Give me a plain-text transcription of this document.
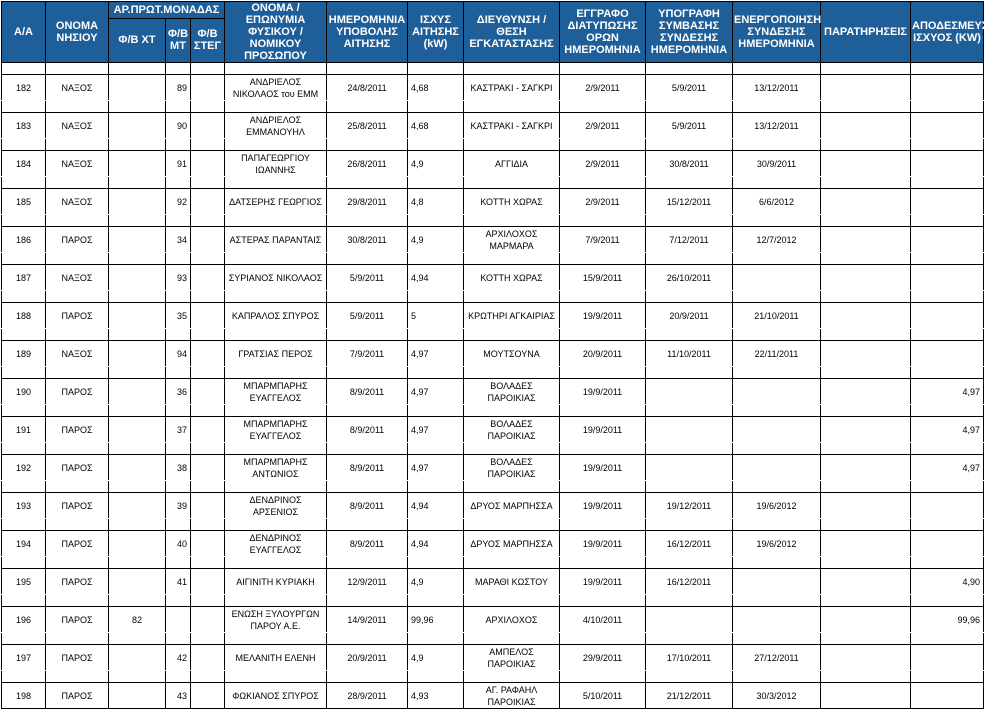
Α/Α	ΟΝΟΜΑ ΝΗΣΙΟΥ	ΑΡ.ΠΡΩΤ.ΜΟΝΑΔΑΣ			ΟΝΟΜΑ / ΕΠΩΝΥΜΙΑ ΦΥΣΙΚΟΥ / ΝΟΜΙΚΟΥ ΠΡΟΣΩΠΟΥ	ΗΜΕΡΟΜΗΝΙΑ ΥΠΟΒΟΛΗΣ ΑΙΤΗΣΗΣ	ΙΣΧΥΣ ΑΙΤΗΣΗΣ (kW)	ΔΙΕΥΘΥΝΣΗ / ΘΕΣΗ ΕΓΚΑΤΑΣΤΑΣΗΣ	ΕΓΓΡΑΦΟ ΔΙΑΤΥΠΩΣΗΣ ΟΡΩΝ ΗΜΕΡΟΜΗΝΙΑ	ΥΠΟΓΡΑΦΗ ΣΥΜΒΑΣΗΣ ΣΥΝΔΕΣΗΣ ΗΜΕΡΟΜΗΝΙΑ	ΕΝΕΡΓΟΠΟΙΗΣΗ ΣΥΝΔΕΣΗΣ ΗΜΕΡΟΜΗΝΙΑ	ΠΑΡΑΤΗΡΗΣΕΙΣ	ΑΠΟΔΕΣΜΕΥΣΗ ΙΣΧΥΟΣ (KW)
		Φ/Β ΧΤ	Φ/Β ΜΤ	Φ/Β ΣΤΕΓ									

182	ΝΑΞΟΣ		89		ΑΝΔΡΙΕΛΟΣ ΝΙΚΟΛΑΟΣ του ΕΜΜ	24/8/2011	4,68	ΚΑΣΤΡΑΚΙ - ΣΑΓΚΡΙ	2/9/2011	5/9/2011	13/12/2011		

183	ΝΑΞΟΣ		90		ΑΝΔΡΙΕΛΟΣ ΕΜΜΑΝΟΥΗΛ	25/8/2011	4,68	ΚΑΣΤΡΑΚΙ - ΣΑΓΚΡΙ	2/9/2011	5/9/2011	13/12/2011		

184	ΝΑΞΟΣ		91		ΠΑΠΑΓΕΩΡΓΙΟΥ ΙΩΑΝΝΗΣ	26/8/2011	4,9	ΑΓΓΙΔΙΑ	2/9/2011	30/8/2011	30/9/2011		

185	ΝΑΞΟΣ		92		ΔΑΤΣΕΡΗΣ ΓΕΩΡΓΙΟΣ	29/8/2011	4,8	ΚΟΤΤΗ ΧΩΡΑΣ	2/9/2011	15/12/2011	6/6/2012		

186	ΠΑΡΟΣ		34		ΑΣΤΕΡΑΣ ΠΑΡΑΝΤΑΙΣ	30/8/2011	4,9	ΑΡΧΙΛΟΧΟΣ ΜΑΡΜΑΡΑ	7/9/2011	7/12/2011	12/7/2012		

187	ΝΑΞΟΣ		93		ΣΥΡΙΑΝΟΣ ΝΙΚΟΛΑΟΣ	5/9/2011	4,94	ΚΟΤΤΗ ΧΩΡΑΣ	15/9/2011	26/10/2011			

188	ΠΑΡΟΣ		35		ΚΑΠΡΑΛΟΣ ΣΠΥΡΟΣ	5/9/2011	5	ΚΡΩΤΗΡΙ ΑΓΚΑΙΡΙΑΣ	19/9/2011	20/9/2011	21/10/2011		

189	ΝΑΞΟΣ		94		ΓΡΑΤΣΙΑΣ ΠΕΡΟΣ	7/9/2011	4,97	ΜΟΥΤΣΟΥΝΑ	20/9/2011	11/10/2011	22/11/2011		

190	ΠΑΡΟΣ		36		ΜΠΑΡΜΠΑΡΗΣ ΕΥΑΓΓΕΛΟΣ	8/9/2011	4,97	ΒΟΛΑΔΕΣ ΠΑΡΟΙΚΙΑΣ	19/9/2011				4,97

191	ΠΑΡΟΣ		37		ΜΠΑΡΜΠΑΡΗΣ ΕΥΑΓΓΕΛΟΣ	8/9/2011	4,97	ΒΟΛΑΔΕΣ ΠΑΡΟΙΚΙΑΣ	19/9/2011				4,97

192	ΠΑΡΟΣ		38		ΜΠΑΡΜΠΑΡΗΣ ΑΝΤΩΝΙΟΣ	8/9/2011	4,97	ΒΟΛΑΔΕΣ ΠΑΡΟΙΚΙΑΣ	19/9/2011				4,97

193	ΠΑΡΟΣ		39		ΔΕΝΔΡΙΝΟΣ ΑΡΣΕΝΙΟΣ	8/9/2011	4,94	ΔΡΥΟΣ ΜΑΡΠΗΣΣΑ	19/9/2011	19/12/2011	19/6/2012		

194	ΠΑΡΟΣ		40		ΔΕΝΔΡΙΝΟΣ ΕΥΑΓΓΕΛΟΣ	8/9/2011	4,94	ΔΡΥΟΣ ΜΑΡΠΗΣΣΑ	19/9/2011	16/12/2011	19/6/2012		

195	ΠΑΡΟΣ		41		ΑΙΓΙΝΙΤΗ ΚΥΡΙΑΚΗ	12/9/2011	4,9	ΜΑΡΑΘΙ ΚΩΣΤΟΥ	19/9/2011	16/12/2011			4,90

196	ΠΑΡΟΣ	82			ΕΝΩΣΗ ΞΥΛΟΥΡΓΩΝ ΠΑΡΟΥ Α.Ε.	14/9/2011	99,96	ΑΡΧΙΛΟΧΟΣ	4/10/2011				99,96

197	ΠΑΡΟΣ		42		ΜΕΛΑΝΙΤΗ ΕΛΕΝΗ	20/9/2011	4,9	ΑΜΠΕΛΟΣ ΠΑΡΟΙΚΙΑΣ	29/9/2011	17/10/2011	27/12/2011		

198	ΠΑΡΟΣ		43		ΦΩΚΙΑΝΟΣ ΣΠΥΡΟΣ	28/9/2011	4,93	ΑΓ. ΡΑΦΑΗΛ ΠΑΡΟΙΚΙΑΣ	5/10/2011	21/12/2011	30/3/2012		
